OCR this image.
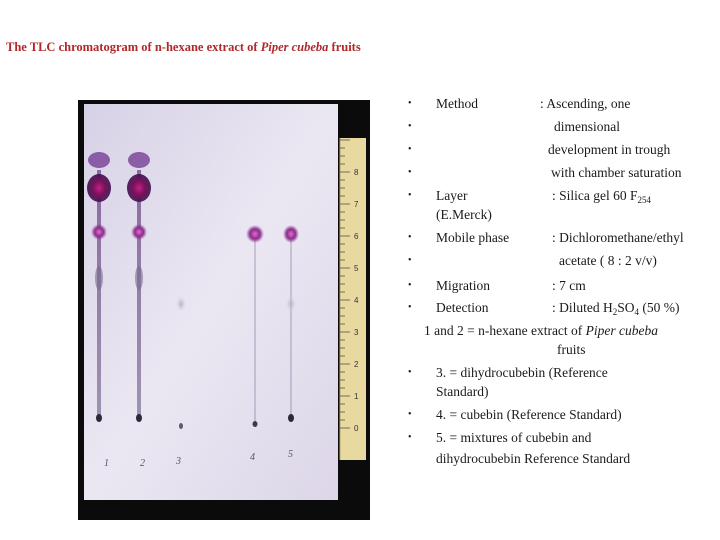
The TLC chromatogram of n-hexane extract of Piper cubeba fruits
0
1
2
3
4
5
6
7
8
1	2	3	4	5
• Method	: Ascending, one
•	dimensional
•	development in trough
•	with chamber saturation
• Layer	: Silica gel 60 $F_{254}$
(E.Merck)
• Mobile phase	: Dichloromethane/ethyl
•	acetate ( 8 : 2 v/v)
• Migration	: 7 cm
• Detection	: Diluted $H_2SO_4$ (50 %)
1 and 2 = n-hexane extract of Piper cubeba
fruits
• 3. = dihydrocubebin (Reference
Standard)
• 4. = cubebin (Reference Standard)
• 5. = mixtures of cubebin and
dihydrocubebin Reference Standard
